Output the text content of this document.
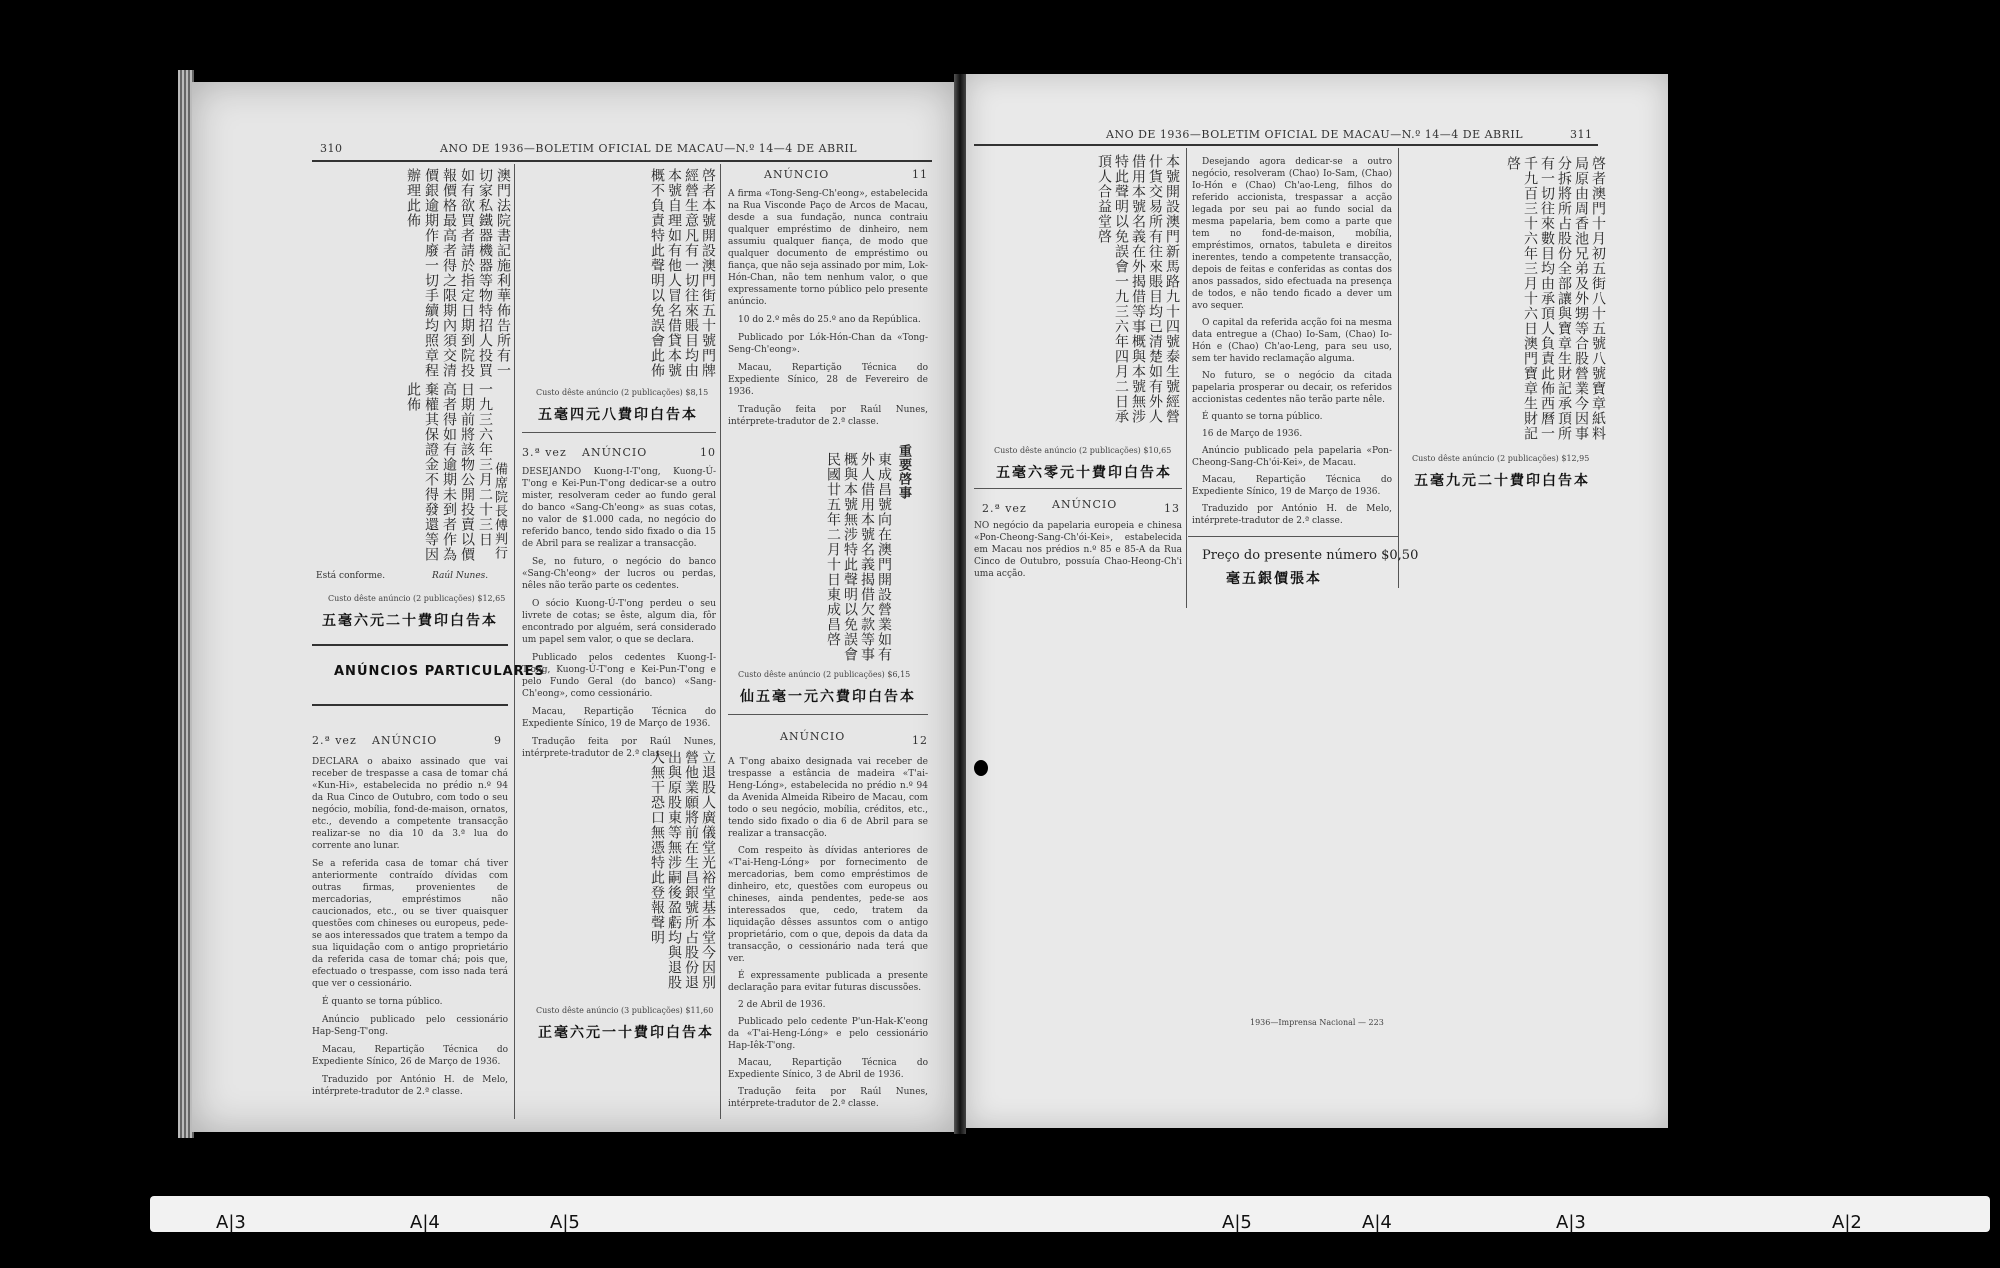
310	ANO DE 1936—BOLETIM OFICIAL DE MACAU—N.º 14—4 DE ABRIL
澳門法院書記施利華佈告所有一切家私鐵器機器等物特招人投買如有欲買者請於指定日期到院投報價格最高者得之限期內須交清價銀逾期作廢一切手續均照章程辦理此佈
一九三六年三月二十三日　日期前將該物公開投賣以價高者得如有逾期未到者作為棄權其保證金不得發還等因此佈
備席院長傅判行
Está conforme.	Raúl Nunes.
Custo dêste anúncio (2 publicações) $12,65
五毫六元二十費印白告本
ANÚNCIOS PARTICULARES
2.ª vez ANÚNCIO	9

DECLARA o abaixo assinado que vai receber de trespasse a casa de tomar chá «Kun-Hi», estabelecida no prédio n.º 94 da Rua Cinco de Outubro, com todo o seu negócio, mobília, fond-de-maison, ornatos, etc., devendo a competente transacção realizar-se no dia 10 da 3.ª lua do corrente ano lunar.

Se a referida casa de tomar chá tiver anteriormente contraído dívidas com outras firmas, provenientes de mercadorias, empréstimos não caucionados, etc., ou se tiver quaisquer questões com chineses ou europeus, pede-se aos interessados que tratem a tempo da sua liquidação com o antigo proprietário da referida casa de tomar chá; pois que, efectuado o trespasse, com isso nada terá que ver o cessionário.

É quanto se torna público.

Anúncio publicado pelo cessionário Hap-Seng-T'ong.

Macau, Repartição Técnica do Expediente Sínico, 26 de Março de 1936.

Traduzido por António H. de Melo, intérprete-tradutor de 2.ª classe.

啓者本號開設澳門街五十號門牌經營生意凡有一切往來賬目均由本號自理如有他人冒名借貸本號概不負責特此聲明以免誤會此佈
Custo dêste anúncio (2 publicações) $8,15
五毫四元八費印白告本
3.ª vez ANÚNCIO	10

DESEJANDO Kuong-I-T'ong, Kuong-Ú-T'ong e Kei-Pun-T'ong dedicar-se a outro mister, resolveram ceder ao fundo geral do banco «Sang-Ch'eong» as suas cotas, no valor de $1.000 cada, no negócio do referido banco, tendo sido fixado o dia 15 de Abril para se realizar a transacção.

Se, no futuro, o negócio do banco «Sang-Ch'eong» der lucros ou perdas, nêles não terão parte os cedentes.

O sócio Kuong-Ú-T'ong perdeu o seu livrete de cotas; se êste, algum dia, fôr encontrado por alguém, será considerado um papel sem valor, o que se declara.

Publicado pelos cedentes Kuong-I-T'ong, Kuong-Ú-T'ong e Kei-Pun-T'ong e pelo Fundo Geral (do banco) «Sang-Ch'eong», como cessionário.

Macau, Repartição Técnica do Expediente Sínico, 19 de Março de 1936.

Tradução feita por Raúl Nunes, intérprete-tradutor de 2.ª classe.	立退股人廣儀堂光裕堂基本堂今因別營他業願將前在生昌銀號所占股份退出與原股東等無涉嗣後盈虧均與退股人無干恐口無憑特此登報聲明
Custo dêste anúncio (3 publicações) $11,60
正毫六元一十費印白告本
ANÚNCIO	11

A firma «Tong-Seng-Ch'eong», estabelecida na Rua Visconde Paço de Arcos de Macau, desde a sua fundação, nunca contraiu qualquer empréstimo de dinheiro, nem assumiu qualquer fiança, de modo que qualquer documento de empréstimo ou fiança, que não seja assinado por mim, Lok-Hón-Chan, não tem nenhum valor, o que expressamente torno público pelo presente anúncio.

10 do 2.º mês do 25.º ano da República.

Publicado por Lók-Hón-Chan da «Tong-Seng-Ch'eong».

Macau, Repartição Técnica do Expediente Sínico, 28 de Fevereiro de 1936.

Tradução feita por Raúl Nunes, intérprete-tradutor de 2.ª classe.

重要啓事
東成昌號向在澳門開設營業如有外人借用本號名義揭借欠款等事概與本號無涉特此聲明以免誤會民國廿五年二月十日東成昌啓
Custo dêste anúncio (2 publicações) $6,15
仙五毫一元六費印白告本
ANÚNCIO	12

A T'ong abaixo designada vai receber de trespasse a estância de madeira «T'ai-Heng-Lóng», estabelecida no prédio n.º 94 da Avenida Almeida Ribeiro de Macau, com todo o seu negócio, mobília, créditos, etc., tendo sido fixado o dia 6 de Abril para se realizar a transacção.

Com respeito às dívidas anteriores de «T'ai-Heng-Lóng» por fornecimento de mercadorias, bem como empréstimos de dinheiro, etc, questões com europeus ou chineses, ainda pendentes, pede-se aos interessados que, cedo, tratem da liquidação dêsses assuntos com o antigo proprietário, com o que, depois da data da transacção, o cessionário nada terá que ver.

É expressamente publicada a presente declaração para evitar futuras discussões.

2 de Abril de 1936.

Publicado pelo cedente P'un-Hak-K'eong da «T'ai-Heng-Lóng» e pelo cessionário Hap-Iêk-T'ong.

Macau, Repartição Técnica do Expediente Sínico, 3 de Abril de 1936.

Tradução feita por Raúl Nunes, intérprete-tradutor de 2.ª classe.

ANO DE 1936—BOLETIM OFICIAL DE MACAU—N.º 14—4 DE ABRIL	311
本號開設澳門新馬路九十四號泰生號經營什貨交易所有往來賬目均已清楚如有外人借用本號名義在外揭借等事概與本號無涉特此聲明以免誤會一九三六年四月二日承頂人合益堂啓
Custo dêste anúncio (2 publicações) $10,65
五毫六零元十費印白告本
2.ª vez ANÚNCIO	13

NO negócio da papelaria europeia e chinesa «Pon-Cheong-Sang-Ch'ói-Kei», estabelecida em Macau nos prédios n.º 85 e 85-A da Rua Cinco de Outubro, possuía Chao-Heong-Ch'i uma acção.

Desejando agora dedicar-se a outro negócio, resolveram (Chao) Io-Sam, (Chao) Io-Hón e (Chao) Ch'ao-Leng, filhos do referido accionista, trespassar a acção legada por seu pai ao fundo social da mesma papelaria, bem como a parte que tem no fond-de-maison, mobília, empréstimos, ornatos, tabuleta e direitos inerentes, tendo a competente transacção, depois de feitas e conferidas as contas dos anos passados, sido efectuada na presença de todos, e não tendo ficado a dever um avo sequer.

O capital da referida acção foi na mesma data entregue a (Chao) Io-Sam, (Chao) Io-Hón e (Chao) Ch'ao-Leng, para seu uso, sem ter havido reclamação alguma.

No futuro, se o negócio da citada papelaria prosperar ou decair, os referidos accionistas cedentes não terão parte nêle.

É quanto se torna público.

16 de Março de 1936.

Anúncio publicado pela papelaria «Pon-Cheong-Sang-Ch'ói-Kei», de Macau.

Macau, Repartição Técnica do Expediente Sínico, 19 de Março de 1936.

Traduzido por António H. de Melo, intérprete-tradutor de 2.ª classe.

啓者澳門十月初五街八十五號八號寶章紙料局原由周香池兄弟及外甥等合股營業今因事分拆將所占股份全部讓與寶章生財記承頂所有一切往來數目均由承頂人負責此佈西曆一千九百三十六年三月十六日澳門寶章生財記啓
Custo dêste anúncio (2 publicações) $12,95
五毫九元二十費印白告本
Preço do presente número $0,50
毫五銀價張本
1936—Imprensa Nacional — 223
A|3	A|4	A|5	A|5	A|4	A|3	A|2
